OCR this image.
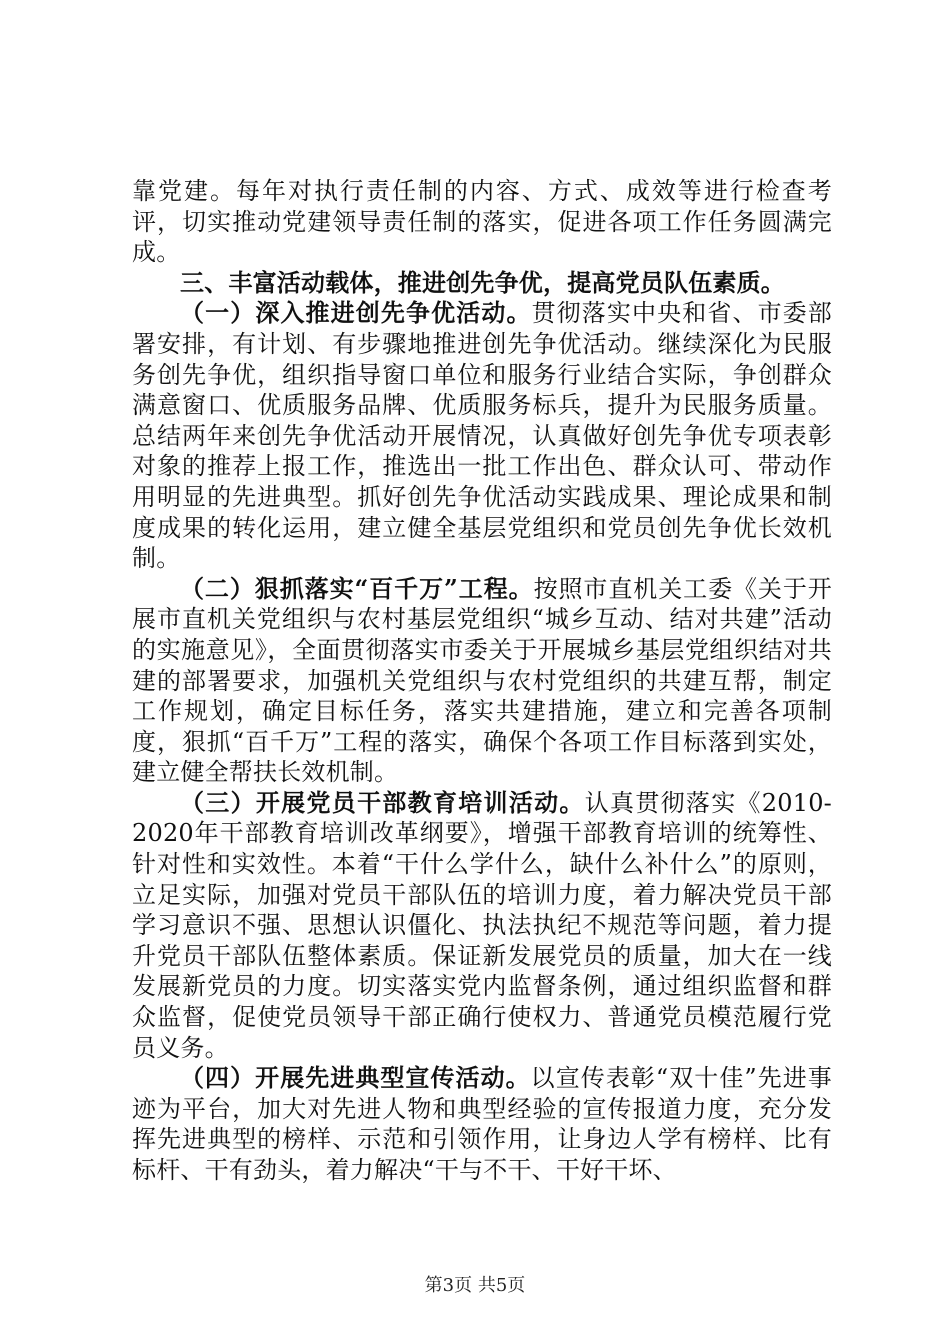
靠党建。每年对执行责任制的内容、方式、成效等进行检查考评，切实推动党建领导责任制的落实，促进各项工作任务圆满完成。

三、丰富活动载体，推进创先争优，提高党员队伍素质。

（一）深入推进创先争优活动。贯彻落实中央和省、市委部署安排，有计划、有步骤地推进创先争优活动。继续深化为民服务创先争优，组织指导窗口单位和服务行业结合实际，争创群众满意窗口、优质服务品牌、优质服务标兵，提升为民服务质量。总结两年来创先争优活动开展情况，认真做好创先争优专项表彰对象的推荐上报工作，推选出一批工作出色、群众认可、带动作用明显的先进典型。抓好创先争优活动实践成果、理论成果和制度成果的转化运用，建立健全基层党组织和党员创先争优长效机制。

（二）狠抓落实“百千万”工程。按照市直机关工委《关于开展市直机关党组织与农村基层党组织“城乡互动、结对共建”活动的实施意见》，全面贯彻落实市委关于开展城乡基层党组织结对共建的部署要求，加强机关党组织与农村党组织的共建互帮，制定工作规划，确定目标任务，落实共建措施，建立和完善各项制度，狠抓“百千万”工程的落实，确保个各项工作目标落到实处，建立健全帮扶长效机制。

（三）开展党员干部教育培训活动。认真贯彻落实《2010-2020年干部教育培训改革纲要》，增强干部教育培训的统筹性、针对性和实效性。本着“干什么学什么，缺什么补什么”的原则，立足实际，加强对党员干部队伍的培训力度，着力解决党员干部学习意识不强、思想认识僵化、执法执纪不规范等问题，着力提升党员干部队伍整体素质。保证新发展党员的质量，加大在一线发展新党员的力度。切实落实党内监督条例，通过组织监督和群众监督，促使党员领导干部正确行使权力、普通党员模范履行党员义务。

（四）开展先进典型宣传活动。以宣传表彰“双十佳”先进事迹为平台，加大对先进人物和典型经验的宣传报道力度，充分发挥先进典型的榜样、示范和引领作用，让身边人学有榜样、比有标杆、干有劲头，着力解决“干与不干、干好干坏、

第3页 共5页
